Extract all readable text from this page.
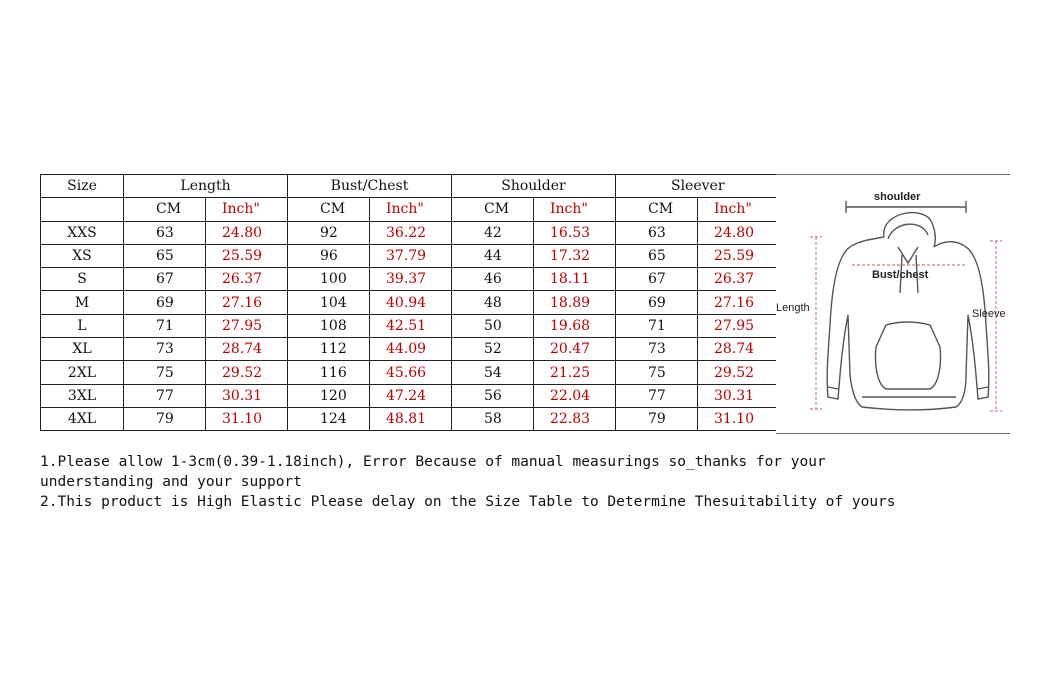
Size	Length		Bust/Chest		Shoulder		Sleever	
	CM	Inch"	CM	Inch"	CM	Inch"	CM	Inch"
XXS	63	24.80	92	36.22	42	16.53	63	24.80
XS	65	25.59	96	37.79	44	17.32	65	25.59
S	67	26.37	100	39.37	46	18.11	67	26.37
M	69	27.16	104	40.94	48	18.89	69	27.16
L	71	27.95	108	42.51	50	19.68	71	27.95
XL	73	28.74	112	44.09	52	20.47	73	28.74
2XL	75	29.52	116	45.66	54	21.25	75	29.52
3XL	77	30.31	120	47.24	56	22.04	77	30.31
4XL	79	31.10	124	48.81	58	22.83	79	31.10
shoulder
Bust/chest
Length	Sleeve

1.Please allow 1-3cm(0.39-1.18inch), Error Because of manual measurings so_thanks for your

understanding and your support

2.This product is High Elastic Please delay on the Size Table to Determine Thesuitability of yours
